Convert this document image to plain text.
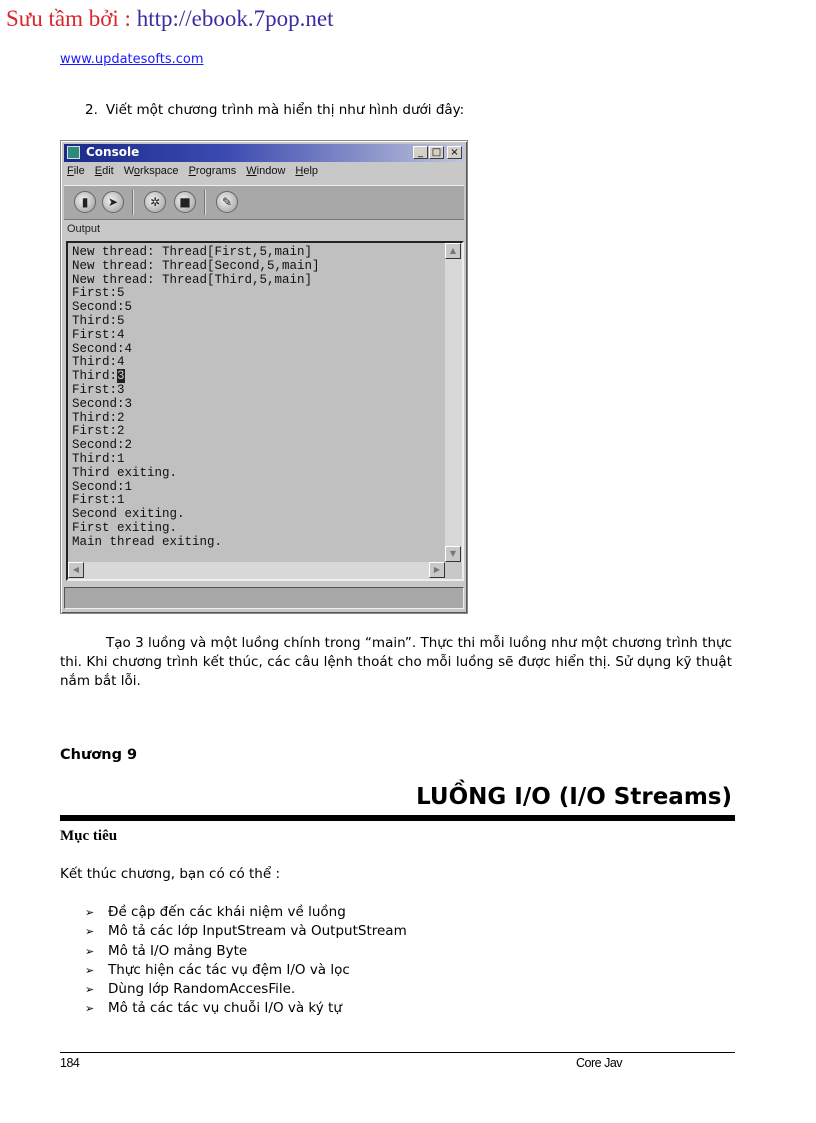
Sưu tầm bởi : http://ebook.7pop.net
www.updatesofts.com
2. Viết một chương trình mà hiển thị như hình dưới đây:
Console	_ □ ×
File Edit Workspace Programs Window Help
▮	➤	✲	■	✎
Output
New thread: Thread[First,5,main]
New thread: Thread[Second,5,main]
New thread: Thread[Third,5,main]
First:5
Second:5
Third:5
First:4
Second:4
Third:4
Third:3
First:3
Second:3
Third:2
First:2
Second:2
Third:1
Third exiting.
Second:1
First:1
Second exiting.
First exiting.
Main thread exiting.
▲
▼
◀	▶

Tạo 3 luồng và một luồng chính trong “main”. Thực thi mỗi luồng như một chương trình thực thi. Khi chương trình kết thúc, các câu lệnh thoát cho mỗi luồng sẽ được hiển thị. Sử dụng kỹ thuật nắm bắt lỗi.

Chương 9
LUỒNG I/O (I/O Streams)
Mục tiêu
Kết thúc chương, bạn có có thể :
➢	Đề cập đến các khái niệm về luồng
➢	Mô tả các lớp InputStream và OutputStream
➢	Mô tả I/O mảng Byte
➢	Thực hiện các tác vụ đệm I/O và lọc
➢	Dùng lớp RandomAccesFile.
➢	Mô tả các tác vụ chuỗi I/O và ký tự
184	Core Jav
